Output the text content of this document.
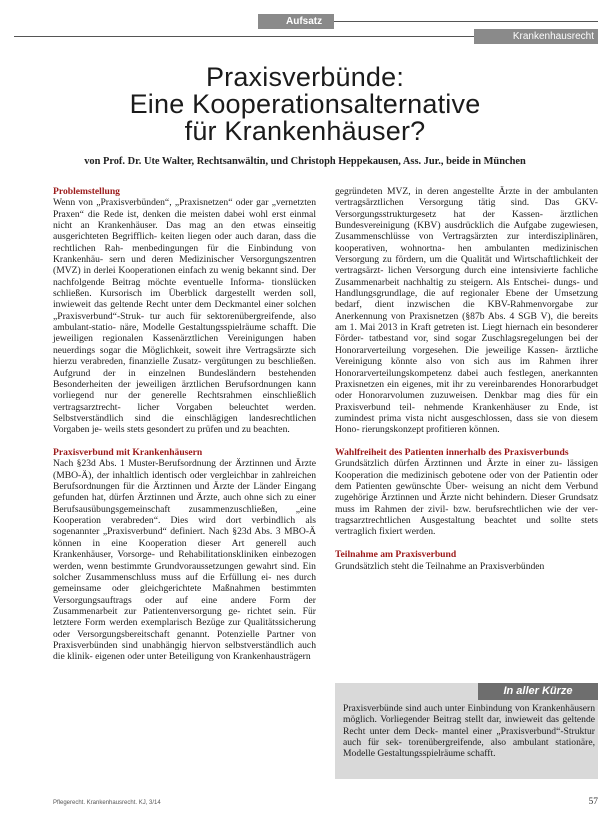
Aufsatz
Krankenhausrecht
Praxisverbünde:
Eine Kooperationsalternative
für Krankenhäuser?
von Prof. Dr. Ute Walter, Rechtsanwältin, und Christoph Heppekausen, Ass. Jur., beide in München
Problemstellung

Wenn von „Praxisverbünden“, „Praxisnetzen“ oder gar „vernetzten Praxen“ die Rede ist, denken die meisten dabei wohl erst einmal nicht an Krankenhäuser. Das mag an den etwas einseitig ausgerichteten Begrifflich- keiten liegen oder auch daran, dass die rechtlichen Rah- menbedingungen für die Einbindung von Krankenhäu- sern und deren Medizinischer Versorgungszentren (MVZ) in derlei Kooperationen einfach zu wenig bekannt sind. Der nachfolgende Beitrag möchte eventuelle Informa- tionslücken schließen. Kursorisch im Überblick dargestellt werden soll, inwieweit das geltende Recht unter dem Deckmantel einer solchen „Praxisverbund“-Struk- tur auch für sektorenübergreifende, also ambulant-statio- näre, Modelle Gestaltungsspielräume schafft. Die jeweiligen regionalen Kassenärztlichen Vereinigungen haben neuerdings sogar die Möglichkeit, soweit ihre Vertragsärzte sich hierzu verabreden, finanzielle Zusatz- vergütungen zu beschließen. Aufgrund der in einzelnen Bundesländern bestehenden Besonderheiten der jeweiligen ärztlichen Berufsordnungen kann vorliegend nur der generelle Rechtsrahmen einschließlich vertragsarztrecht- licher Vorgaben beleuchtet werden. Selbstverständlich sind die einschlägigen landesrechtlichen Vorgaben je- weils stets gesondert zu prüfen und zu beachten.

Praxisverbund mit Krankenhäusern

Nach §23d Abs. 1 Muster-Berufsordnung der Ärztinnen und Ärzte (MBO-Ä), der inhaltlich identisch oder vergleichbar in zahlreichen Berufsordnungen für die Ärztinnen und Ärzte der Länder Eingang gefunden hat, dürfen Ärztinnen und Ärzte, auch ohne sich zu einer Berufsausübungsgemeinschaft zusammenzuschließen, „eine Kooperation verabreden“. Dies wird dort verbindlich als sogenannter „Praxisverbund“ definiert. Nach §23d Abs. 3 MBO-Ä können in eine Kooperation dieser Art generell auch Krankenhäuser, Vorsorge- und Rehabilitationskliniken einbezogen werden, wenn bestimmte Grundvoraussetzungen gewahrt sind. Ein solcher Zusammenschluss muss auf die Erfüllung ei- nes durch gemeinsame oder gleichgerichtete Maßnahmen bestimmten Versorgungsauftrags oder auf eine andere Form der Zusammenarbeit zur Patientenversorgung ge- richtet sein. Für letztere Form werden exemplarisch Bezüge zur Qualitätssicherung oder Versorgungsbereitschaft genannt. Potenzielle Partner von Praxisverbünden sind unabhängig hiervon selbstverständlich auch die klinik- eigenen oder unter Beteiligung von Krankenhausträgern

gegründeten MVZ, in deren angestellte Ärzte in der ambulanten vertragsärztlichen Versorgung tätig sind. Das GKV-Versorgungsstrukturgesetz hat der Kassen- ärztlichen Bundesvereinigung (KBV) ausdrücklich die Aufgabe zugewiesen, Zusammenschlüsse von Vertragsärzten zur interdisziplinären, kooperativen, wohnortna- hen ambulanten medizinischen Versorgung zu fördern, um die Qualität und Wirtschaftlichkeit der vertragsärzt- lichen Versorgung durch eine intensivierte fachliche Zusammenarbeit nachhaltig zu steigern. Als Entschei- dungs- und Handlungsgrundlage, die auf regionaler Ebene der Umsetzung bedarf, dient inzwischen die KBV-Rahmenvorgabe zur Anerkennung von Praxisnetzen (§87b Abs. 4 SGB V), die bereits am 1. Mai 2013 in Kraft getreten ist. Liegt hiernach ein besonderer Förder- tatbestand vor, sind sogar Zuschlagsregelungen bei der Honorarverteilung vorgesehen. Die jeweilige Kassen- ärztliche Vereinigung könnte also von sich aus im Rahmen ihrer Honorarverteilungskompetenz dabei auch festlegen, anerkannten Praxisnetzen ein eigenes, mit ihr zu vereinbarendes Honorarbudget oder Honorarvolumen zuzuweisen. Denkbar mag dies für ein Praxisverbund teil- nehmende Krankenhäuser zu Ende, ist zumindest prima vista nicht ausgeschlossen, dass sie von diesem Hono- rierungskonzept profitieren können.

Wahlfreiheit des Patienten innerhalb des Praxisverbunds

Grundsätzlich dürfen Ärztinnen und Ärzte in einer zu- lässigen Kooperation die medizinisch gebotene oder von der Patientin oder dem Patienten gewünschte Über- weisung an nicht dem Verbund zugehörige Ärztinnen und Ärzte nicht behindern. Dieser Grundsatz muss im Rahmen der zivil- bzw. berufsrechtlichen wie der ver- tragsarztrechtlichen Ausgestaltung beachtet und sollte stets vertraglich fixiert werden.

Teilnahme am Praxisverbund

Grundsätzlich steht die Teilnahme an Praxisverbünden

In aller Kürze
Praxisverbünde sind auch unter Einbindung von Krankenhäusern möglich. Vorliegender Beitrag stellt dar, inwieweit das geltende Recht unter dem Deck- mantel einer „Praxisverbund“-Struktur auch für sek- torenübergreifende, also ambulant stationäre, Modelle Gestaltungsspielräume schafft.
Pflegerecht. Krankenhausrecht. KJ, 3/14	57
